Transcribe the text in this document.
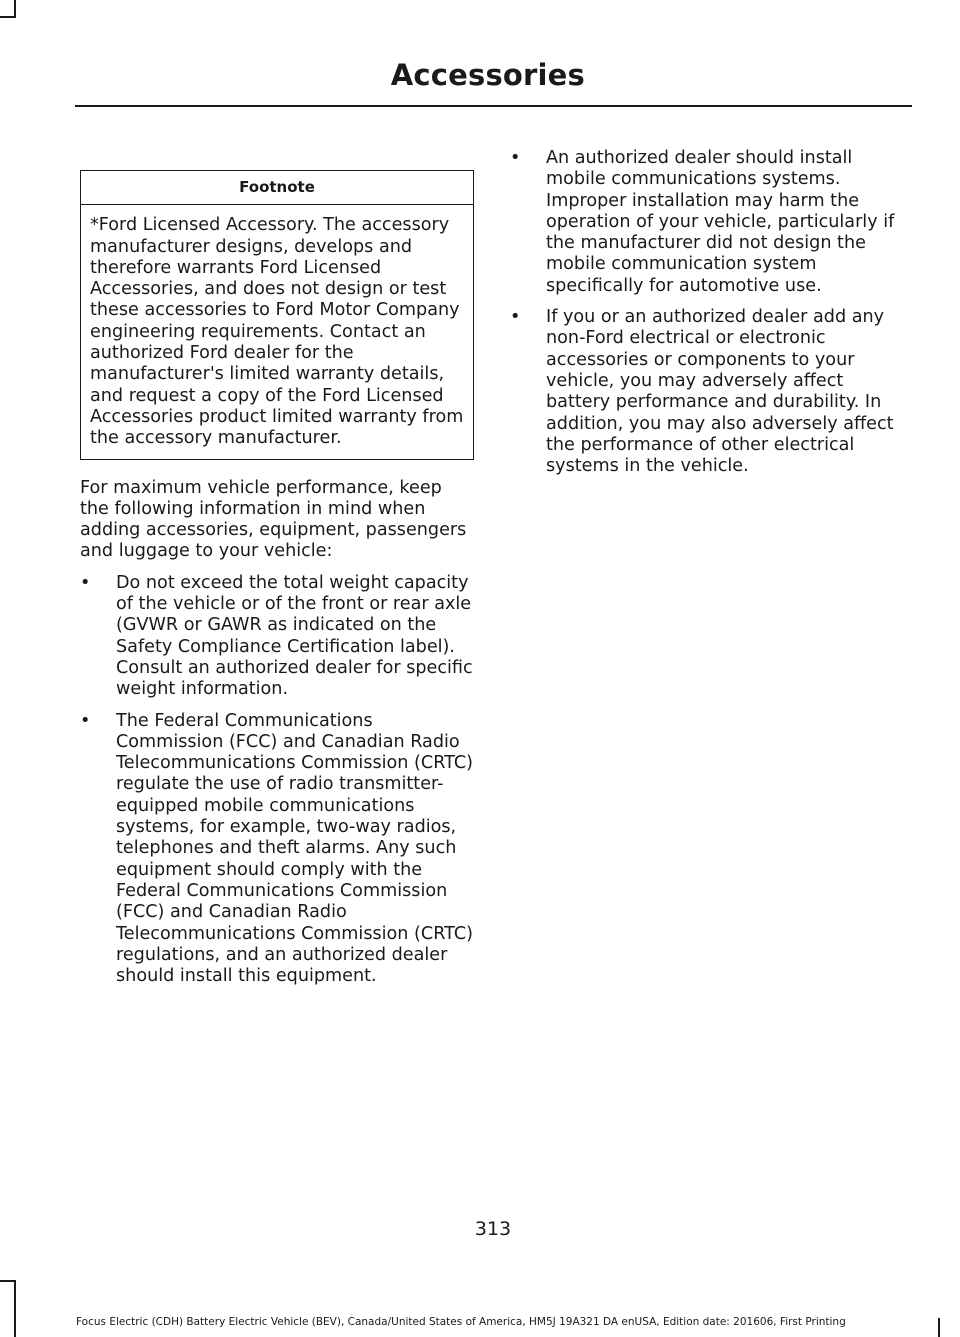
Accessories
Footnote
*Ford Licensed Accessory. The accessory manufacturer designs, develops and therefore warrants Ford Licensed Accessories, and does not design or test these accessories to Ford Motor Company engineering requirements. Contact an authorized Ford dealer for the manufacturer's limited warranty details, and request a copy of the Ford Licensed Accessories product limited warranty from the accessory manufacturer.

For maximum vehicle performance, keep the following information in mind when adding accessories, equipment, passengers and luggage to your vehicle:

• Do not exceed the total weight capacity of the vehicle or of the front or rear axle (GVWR or GAWR as indicated on the Safety Compliance Certification label). Consult an authorized dealer for specific weight information.
• The Federal Communications Commission (FCC) and Canadian Radio Telecommunications Commission (CRTC) regulate the use of radio transmitter-equipped mobile communications systems, for example, two-way radios, telephones and theft alarms. Any such equipment should comply with the Federal Communications Commission (FCC) and Canadian Radio Telecommunications Commission (CRTC) regulations, and an authorized dealer should install this equipment.
• An authorized dealer should install mobile communications systems. Improper installation may harm the operation of your vehicle, particularly if the manufacturer did not design the mobile communication system specifically for automotive use.
• If you or an authorized dealer add any non-Ford electrical or electronic accessories or components to your vehicle, you may adversely affect battery performance and durability. In addition, you may also adversely affect the performance of other electrical systems in the vehicle.
313
Focus Electric (CDH) Battery Electric Vehicle (BEV), Canada/United States of America, HM5J 19A321 DA enUSA, Edition date: 201606, First Printing
